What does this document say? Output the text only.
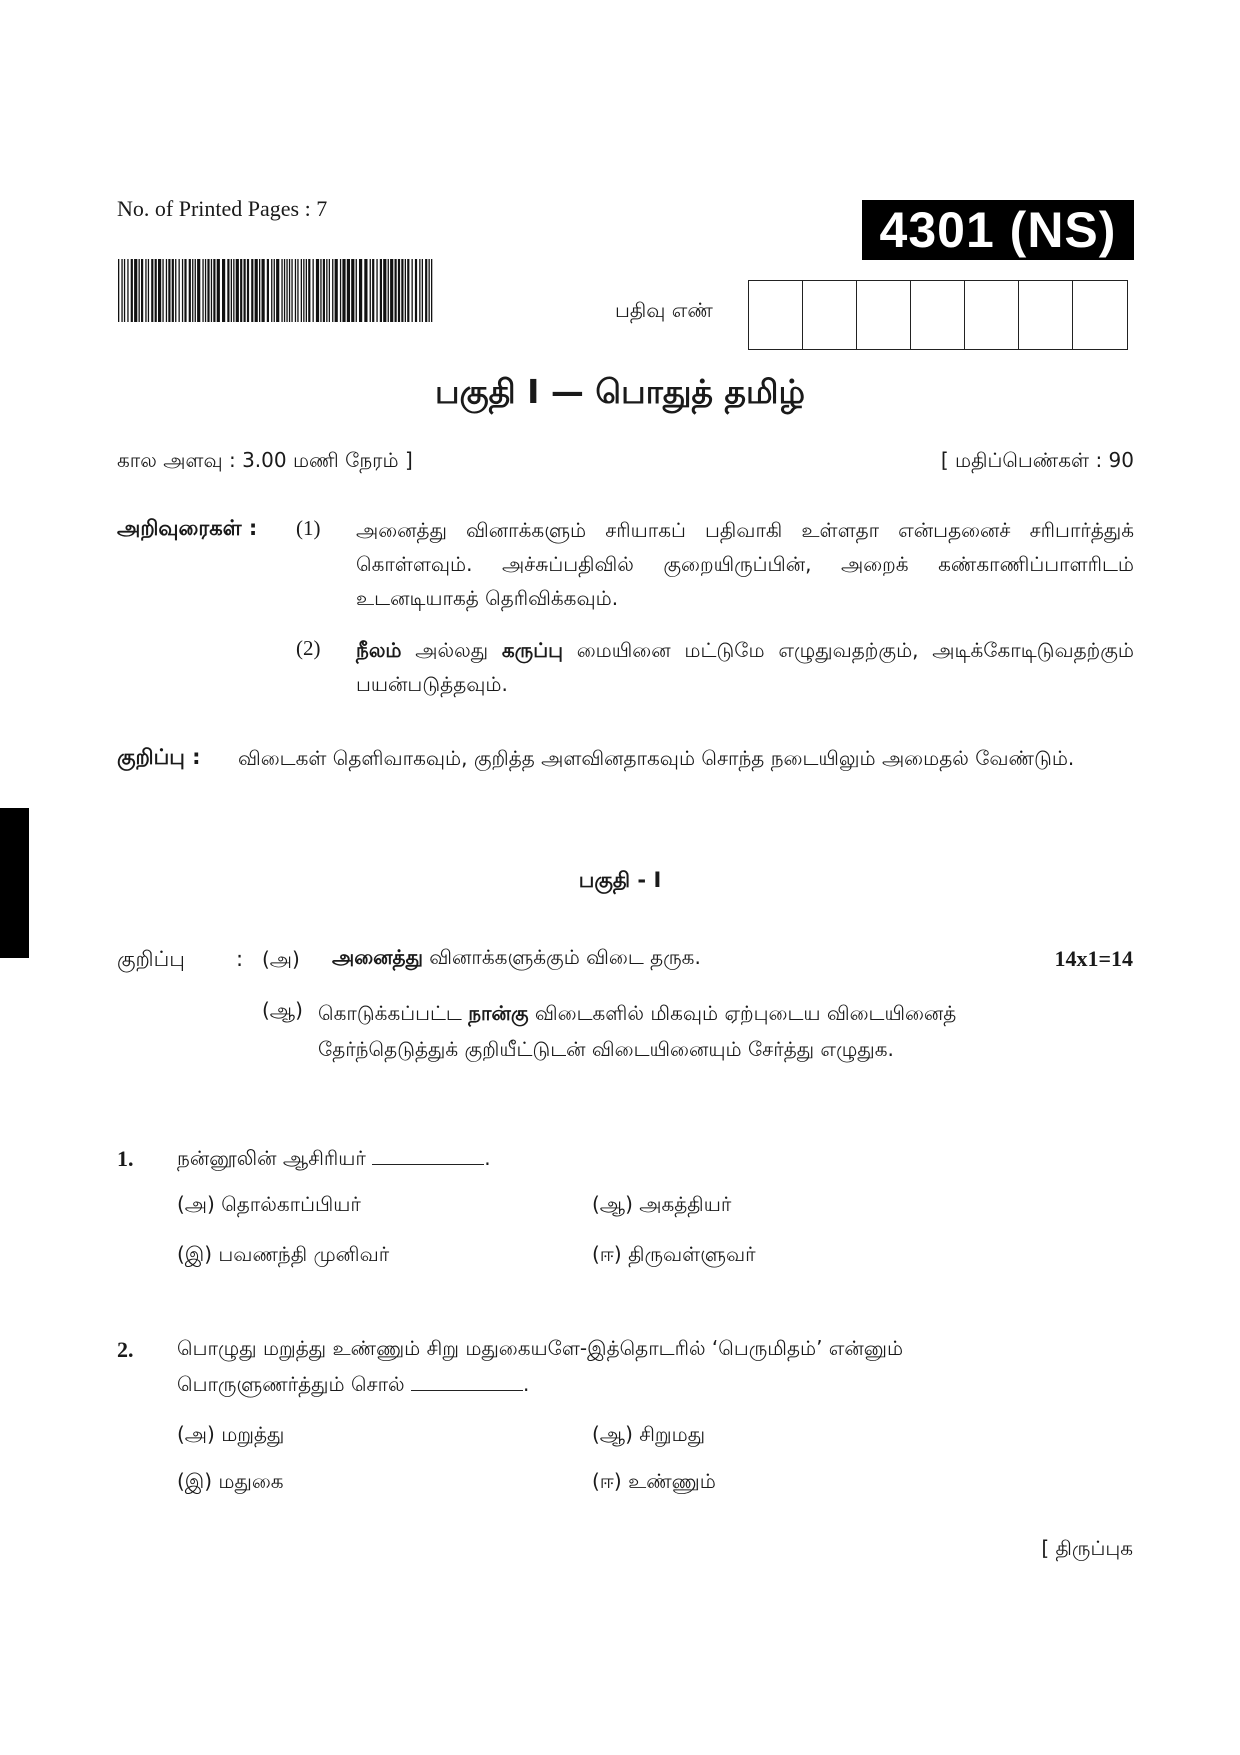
No. of Printed Pages : 7	4301 (NS)
பதிவு எண்
பகுதி I — பொதுத் தமிழ்
கால அளவு : 3.00 மணி நேரம் ]	[ மதிப்பெண்கள் : 90
அறிவுரைகள் : (1) அனைத்து வினாக்களும் சரியாகப் பதிவாகி உள்ளதா என்பதனைச் சரிபார்த்துக் கொள்ளவும். அச்சுப்பதிவில் குறையிருப்பின், அறைக் கண்காணிப்பாளரிடம் உடனடியாகத் தெரிவிக்கவும்.
(2) நீலம் அல்லது கருப்பு மையினை மட்டுமே எழுதுவதற்கும், அடிக்கோடிடுவதற்கும் பயன்படுத்தவும்.
குறிப்பு : விடைகள் தெளிவாகவும், குறித்த அளவினதாகவும் சொந்த நடையிலும் அமைதல் வேண்டும்.
பகுதி - I
குறிப்பு : (அ) அனைத்து வினாக்களுக்கும் விடை தருக.	14x1=14
(ஆ) கொடுக்கப்பட்ட நான்கு விடைகளில் மிகவும் ஏற்புடைய விடையினைத் தேர்ந்தெடுத்துக் குறியீட்டுடன் விடையினையும் சேர்த்து எழுதுக.
1. நன்னூலின் ஆசிரியர்	.
(அ) தொல்காப்பியர்	(ஆ) அகத்தியர்
(இ) பவணந்தி முனிவர்	(ஈ) திருவள்ளுவர்
2. பொழுது மறுத்து உண்ணும் சிறு மதுகையளே-இத்தொடரில் ‘பெருமிதம்’ என்னும் பொருளுணர்த்தும் சொல்	.
(அ) மறுத்து	(ஆ) சிறுமது
(இ) மதுகை	(ஈ) உண்ணும்
[ திருப்புக
